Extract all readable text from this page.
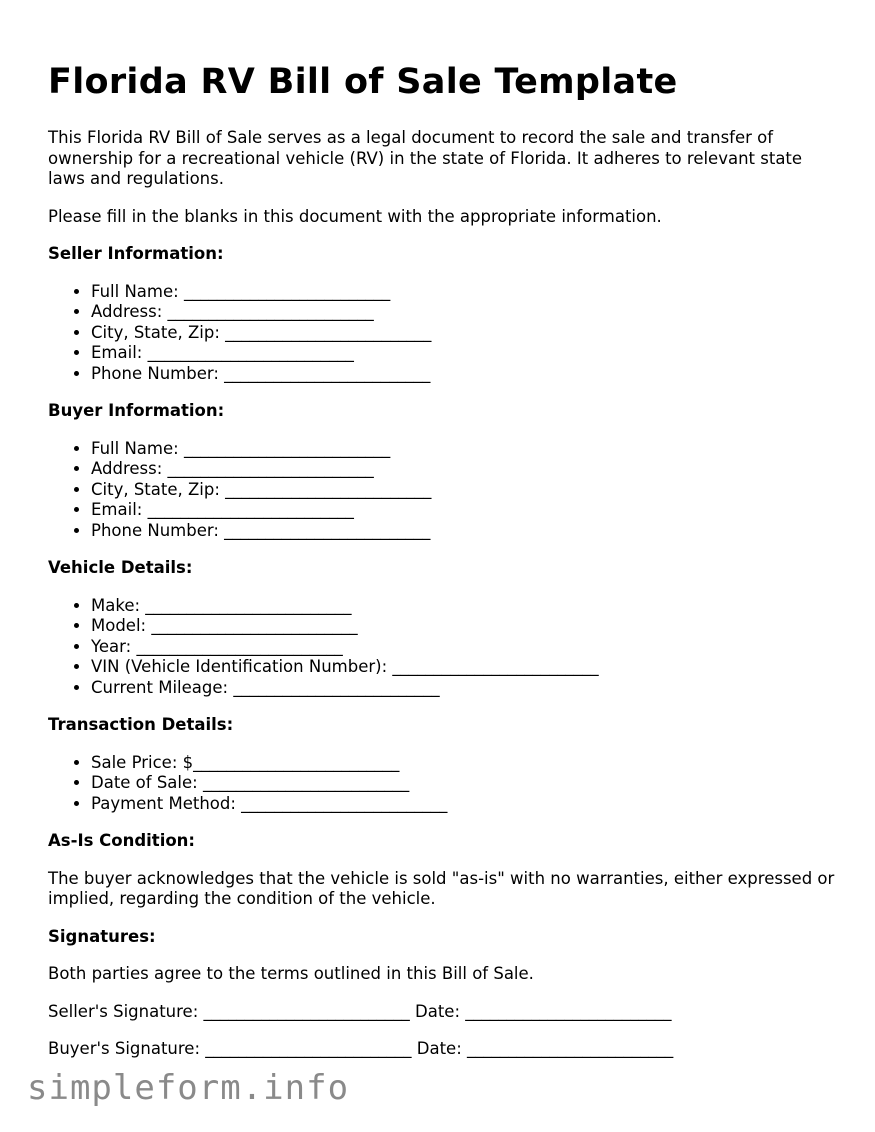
Florida RV Bill of Sale Template

This Florida RV Bill of Sale serves as a legal document to record the sale and transfer of ownership for a recreational vehicle (RV) in the state of Florida. It adheres to relevant state laws and regulations.

Please fill in the blanks in this document with the appropriate information.

Seller Information:
• Full Name: _________________________
• Address: _________________________
• City, State, Zip: _________________________
• Email: _________________________
• Phone Number: _________________________
Buyer Information:
• Full Name: _________________________
• Address: _________________________
• City, State, Zip: _________________________
• Email: _________________________
• Phone Number: _________________________
Vehicle Details:
• Make: _________________________
• Model: _________________________
• Year: _________________________
• VIN (Vehicle Identification Number): _________________________
• Current Mileage: _________________________
Transaction Details:
• Sale Price: $_________________________
• Date of Sale: _________________________
• Payment Method: _________________________
As-Is Condition:

The buyer acknowledges that the vehicle is sold "as-is" with no warranties, either expressed or implied, regarding the condition of the vehicle.

Signatures:

Both parties agree to the terms outlined in this Bill of Sale.

Seller's Signature: _________________________ Date: _________________________
Buyer's Signature: _________________________ Date: _________________________
simpleform.info
